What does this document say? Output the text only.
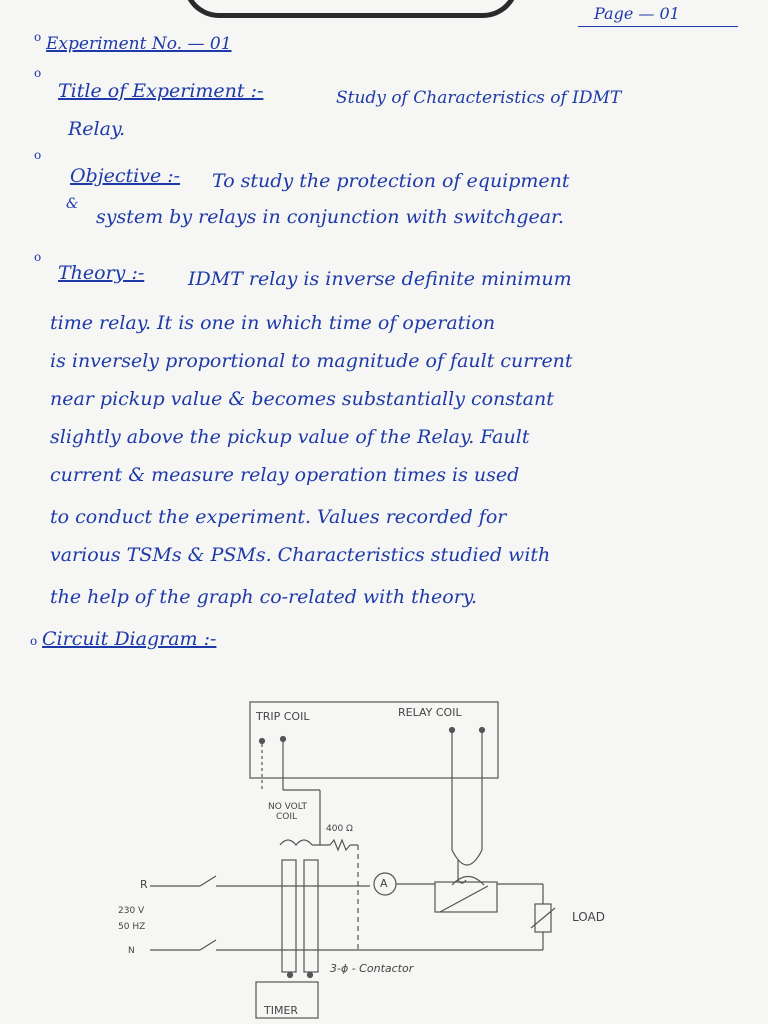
Page — 01
o Experiment No. — 01
o
Title of Experiment :-	Study of Characteristics of IDMT
Relay.
o
Objective :- To study the protection of equipment
&
system by relays in conjunction with switchgear.
o
Theory :- IDMT relay is inverse definite minimum
time relay. It is one in which time of operation
is inversely proportional to magnitude of fault current
near pickup value & becomes substantially constant
slightly above the pickup value of the Relay. Fault
current & measure relay operation times is used
to conduct the experiment. Values recorded for
various TSMs & PSMs. Characteristics studied with
the help of the graph co-related with theory.
o Circuit Diagram :-
TRIP COIL	RELAY COIL
NO VOLT
COIL
400 Ω
A
R
230 V
50 HZ
N
LOAD
3-ϕ - Contactor
TIMER
